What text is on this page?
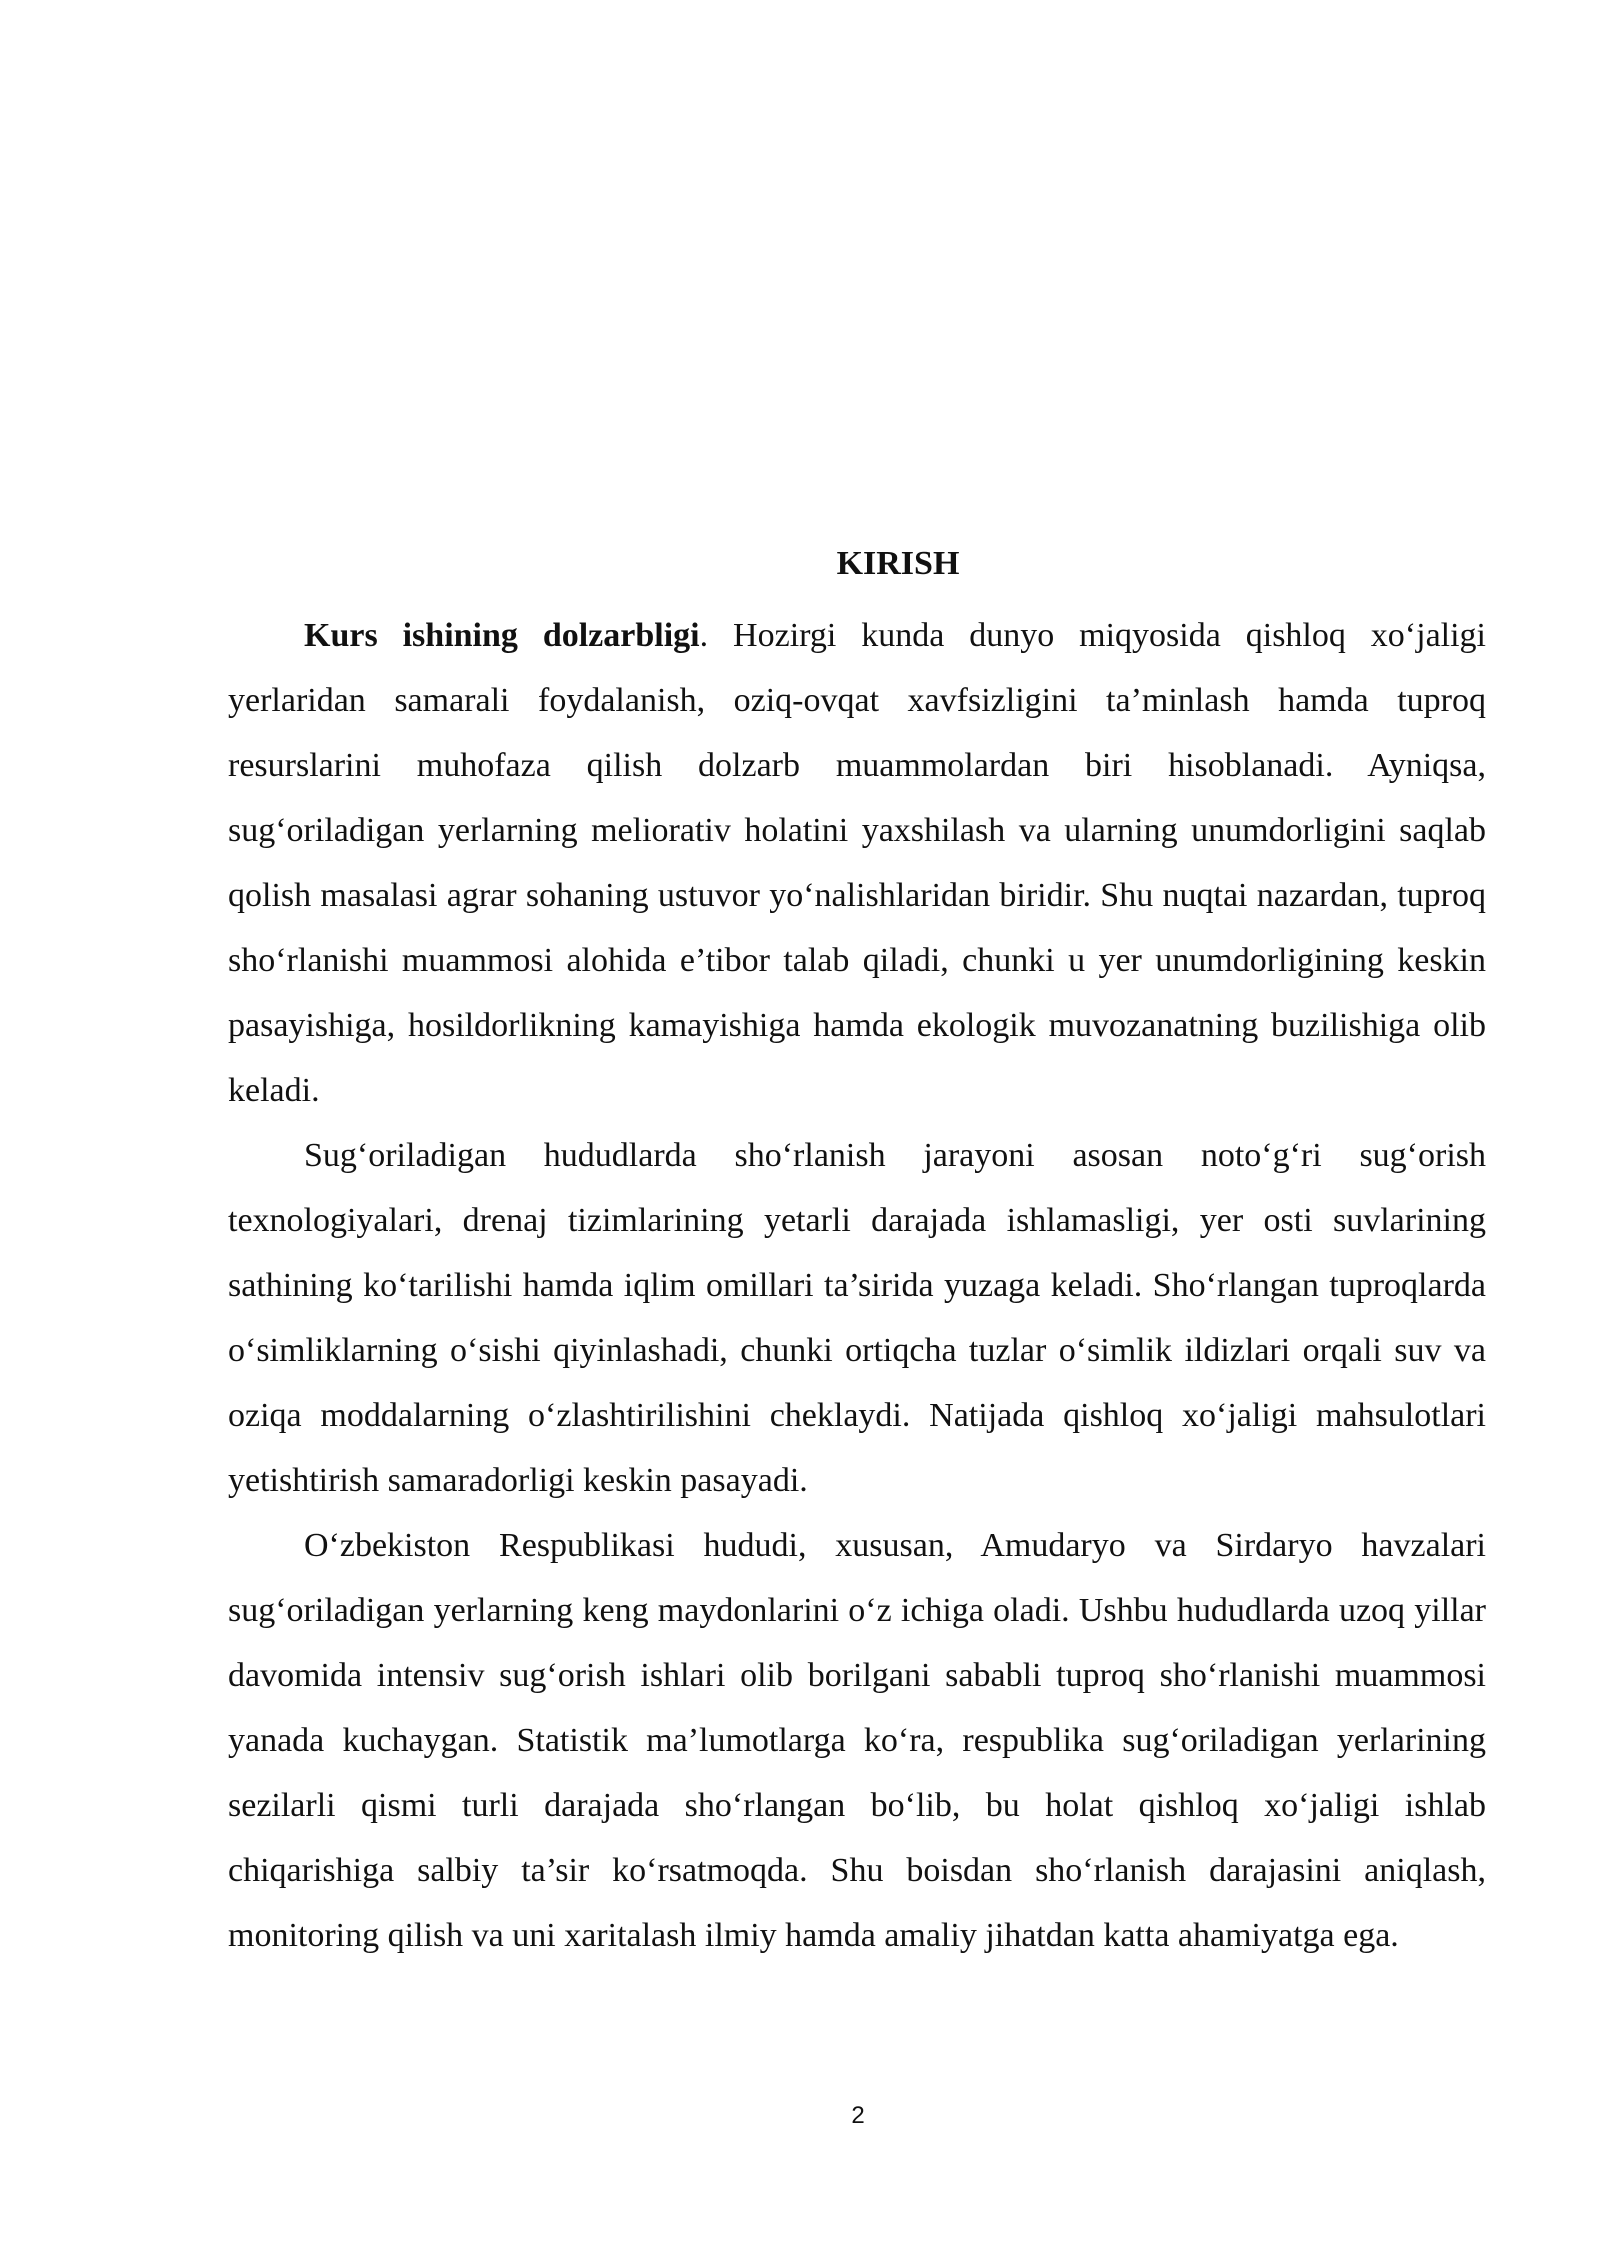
KIRISH

Kurs ishining dolzarbligi. Hozirgi kunda dunyo miqyosida qishloq xo‘jaligi yerlaridan samarali foydalanish, oziq-ovqat xavfsizligini ta’minlash hamda tuproq resurslarini muhofaza qilish dolzarb muammolardan biri hisoblanadi. Ayniqsa, sug‘oriladigan yerlarning meliorativ holatini yaxshilash va ularning unumdorligini saqlab qolish masalasi agrar sohaning ustuvor yo‘nalishlaridan biridir. Shu nuqtai nazardan, tuproq sho‘rlanishi muammosi alohida e’tibor talab qiladi, chunki u yer unumdorligining keskin pasayishiga, hosildorlikning kamayishiga hamda ekologik muvozanatning buzilishiga olib keladi.

Sug‘oriladigan hududlarda sho‘rlanish jarayoni asosan noto‘g‘ri sug‘orish texnologiyalari, drenaj tizimlarining yetarli darajada ishlamasligi, yer osti suvlarining sathining ko‘tarilishi hamda iqlim omillari ta’sirida yuzaga keladi. Sho‘rlangan tuproqlarda o‘simliklarning o‘sishi qiyinlashadi, chunki ortiqcha tuzlar o‘simlik ildizlari orqali suv va oziqa moddalarning o‘zlashtirilishini cheklaydi. Natijada qishloq xo‘jaligi mahsulotlari yetishtirish samaradorligi keskin pasayadi.

O‘zbekiston Respublikasi hududi, xususan, Amudaryo va Sirdaryo havzalari sug‘oriladigan yerlarning keng maydonlarini o‘z ichiga oladi. Ushbu hududlarda uzoq yillar davomida intensiv sug‘orish ishlari olib borilgani sababli tuproq sho‘rlanishi muammosi yanada kuchaygan. Statistik ma’lumotlarga ko‘ra, respublika sug‘oriladigan yerlarining sezilarli qismi turli darajada sho‘rlangan bo‘lib, bu holat qishloq xo‘jaligi ishlab chiqarishiga salbiy ta’sir ko‘rsatmoqda. Shu boisdan sho‘rlanish darajasini aniqlash, monitoring qilish va uni xaritalash ilmiy hamda amaliy jihatdan katta ahamiyatga ega.

2
